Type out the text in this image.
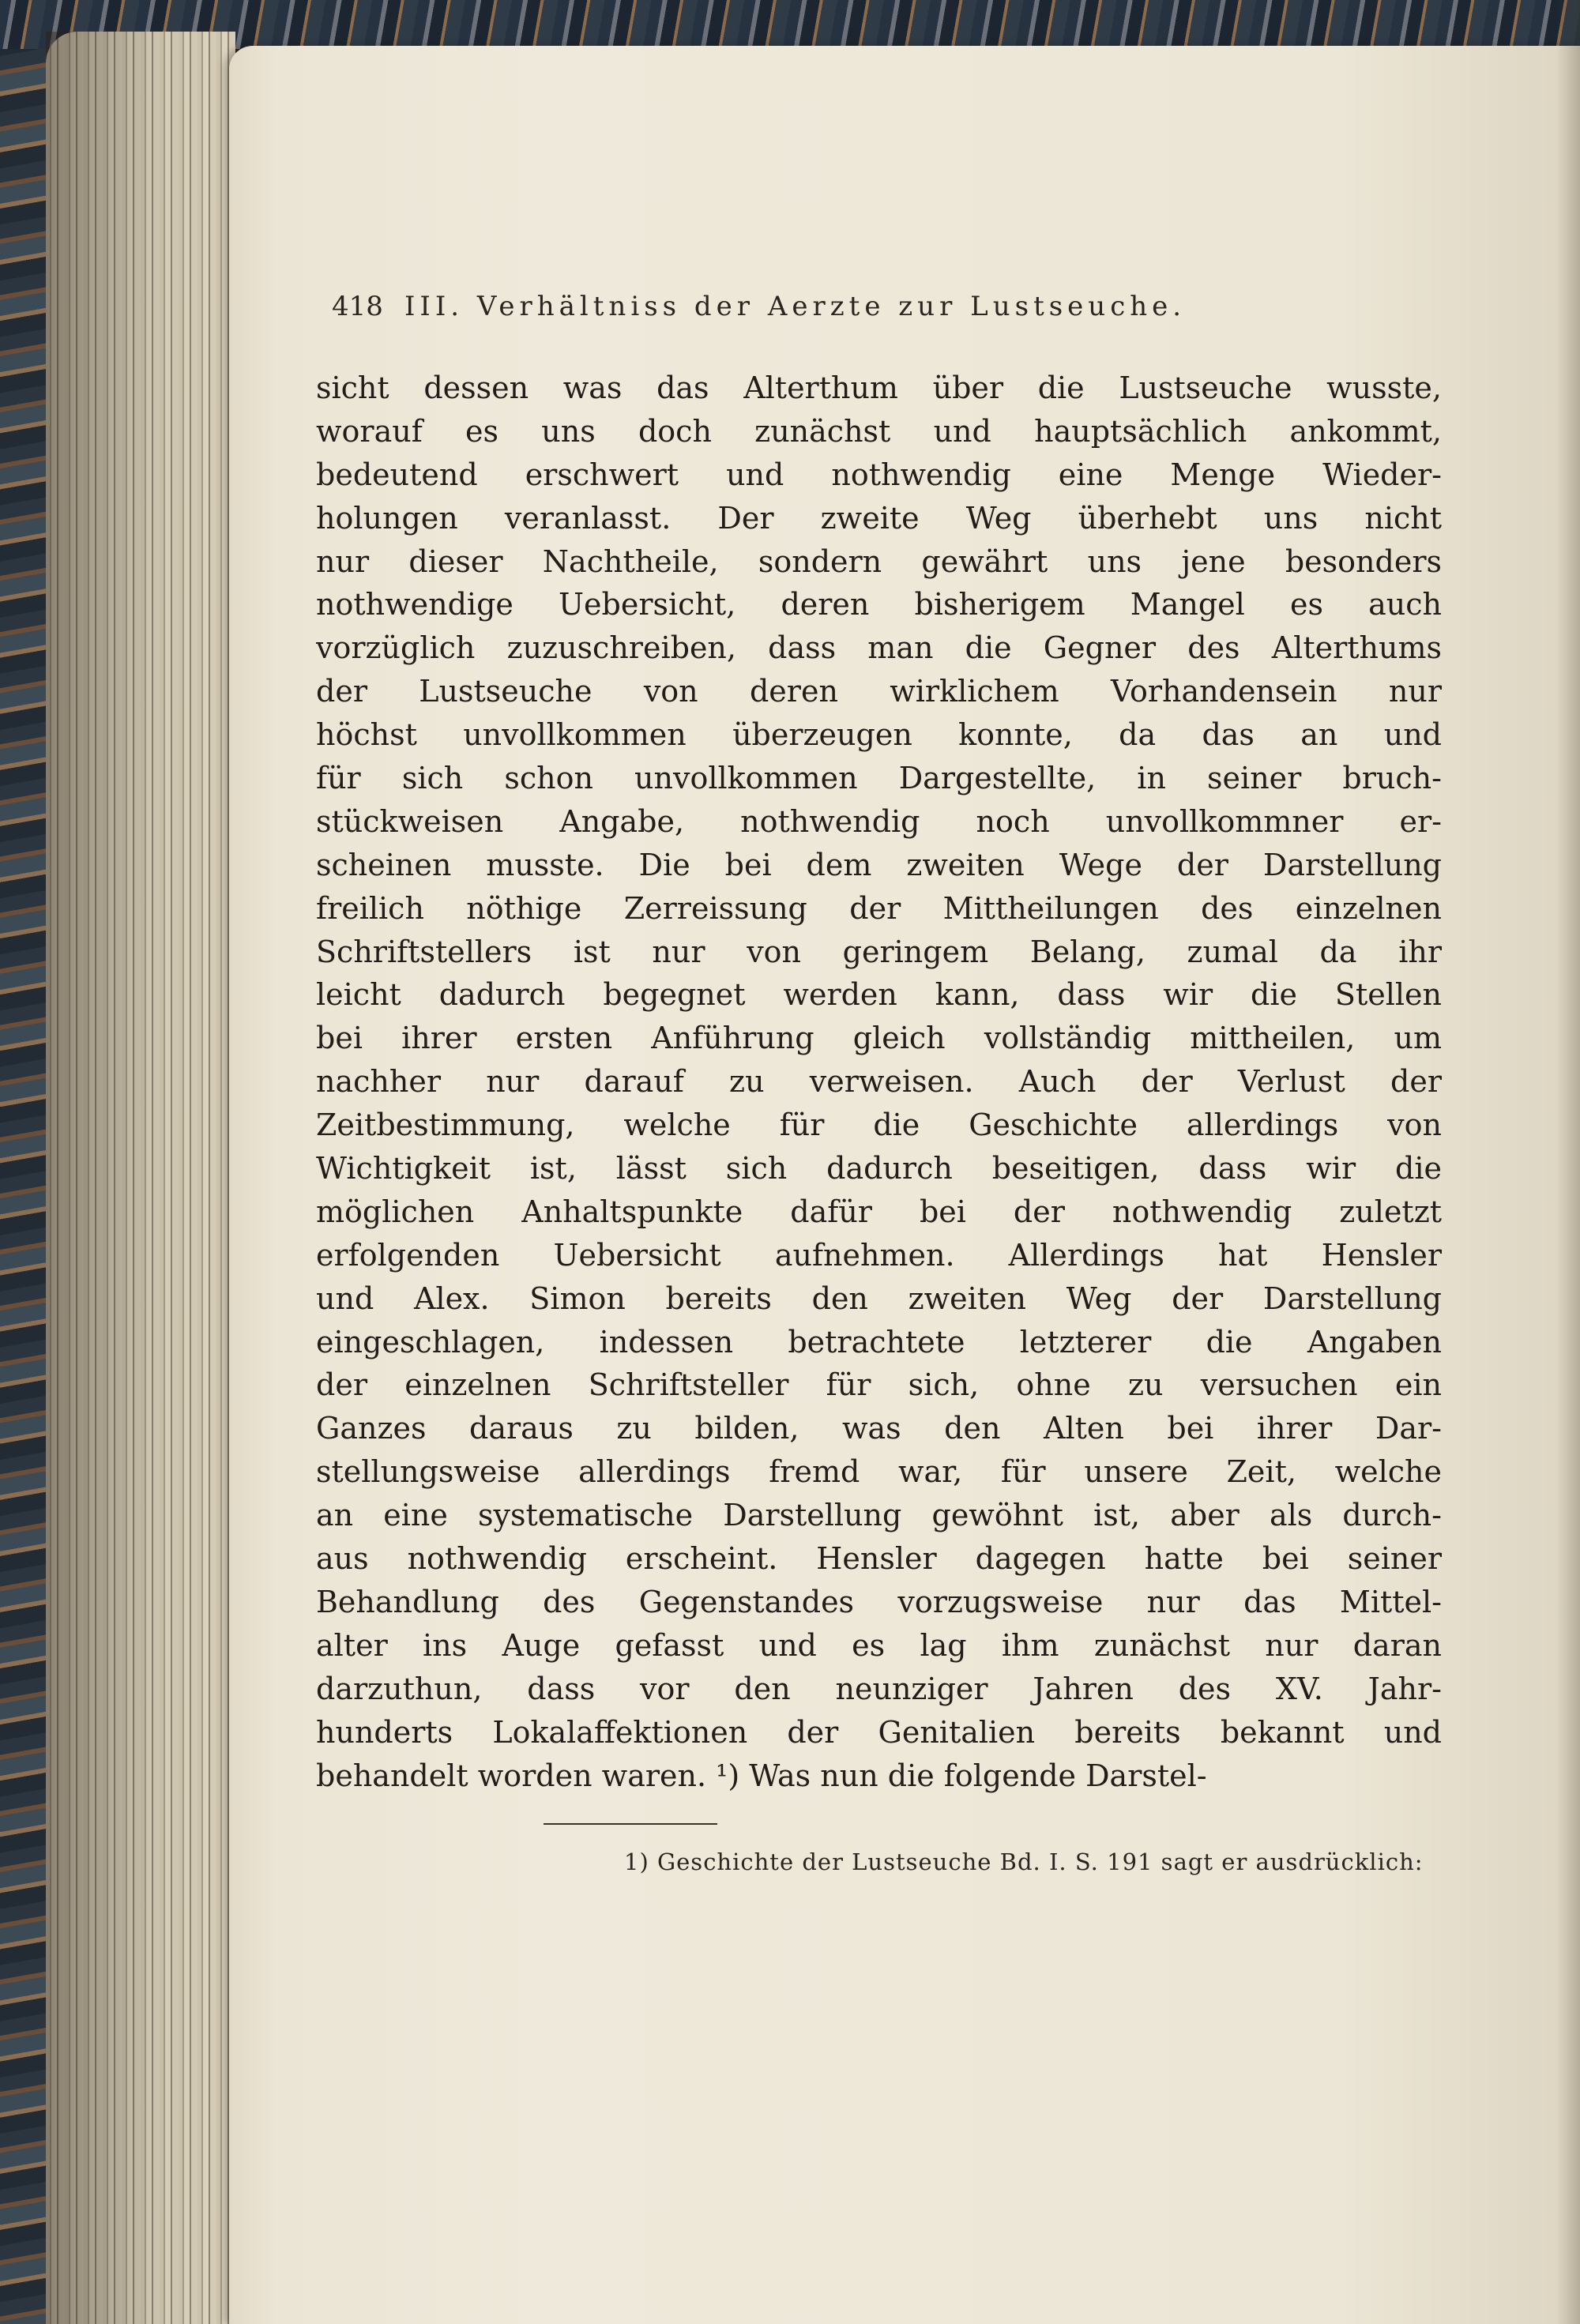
418 III. Verhältniss der Aerzte zur Lustseuche.
sicht dessen was das Alterthum über die Lustseuche wusste,
worauf es uns doch zunächst und hauptsächlich ankommt,
bedeutend erschwert und nothwendig eine Menge Wieder-
holungen veranlasst. Der zweite Weg überhebt uns nicht
nur dieser Nachtheile, sondern gewährt uns jene besonders
nothwendige Uebersicht, deren bisherigem Mangel es auch
vorzüglich zuzuschreiben, dass man die Gegner des Alterthums
der Lustseuche von deren wirklichem Vorhandensein nur
höchst unvollkommen überzeugen konnte, da das an und
für sich schon unvollkommen Dargestellte, in seiner bruch-
stückweisen Angabe, nothwendig noch unvollkommner er-
scheinen musste. Die bei dem zweiten Wege der Darstellung
freilich nöthige Zerreissung der Mittheilungen des einzelnen
Schriftstellers ist nur von geringem Belang, zumal da ihr
leicht dadurch begegnet werden kann, dass wir die Stellen
bei ihrer ersten Anführung gleich vollständig mittheilen, um
nachher nur darauf zu verweisen. Auch der Verlust der
Zeitbestimmung, welche für die Geschichte allerdings von
Wichtigkeit ist, lässt sich dadurch beseitigen, dass wir die
möglichen Anhaltspunkte dafür bei der nothwendig zuletzt
erfolgenden Uebersicht aufnehmen. Allerdings hat Hensler
und Alex. Simon bereits den zweiten Weg der Darstellung
eingeschlagen, indessen betrachtete letzterer die Angaben
der einzelnen Schriftsteller für sich, ohne zu versuchen ein
Ganzes daraus zu bilden, was den Alten bei ihrer Dar-
stellungsweise allerdings fremd war, für unsere Zeit, welche
an eine systematische Darstellung gewöhnt ist, aber als durch-
aus nothwendig erscheint. Hensler dagegen hatte bei seiner
Behandlung des Gegenstandes vorzugsweise nur das Mittel-
alter ins Auge gefasst und es lag ihm zunächst nur daran
darzuthun, dass vor den neunziger Jahren des XV. Jahr-
hunderts Lokalaffektionen der Genitalien bereits bekannt und
behandelt worden waren. ¹) Was nun die folgende Darstel-
1) Geschichte der Lustseuche Bd. I. S. 191 sagt er ausdrücklich:
